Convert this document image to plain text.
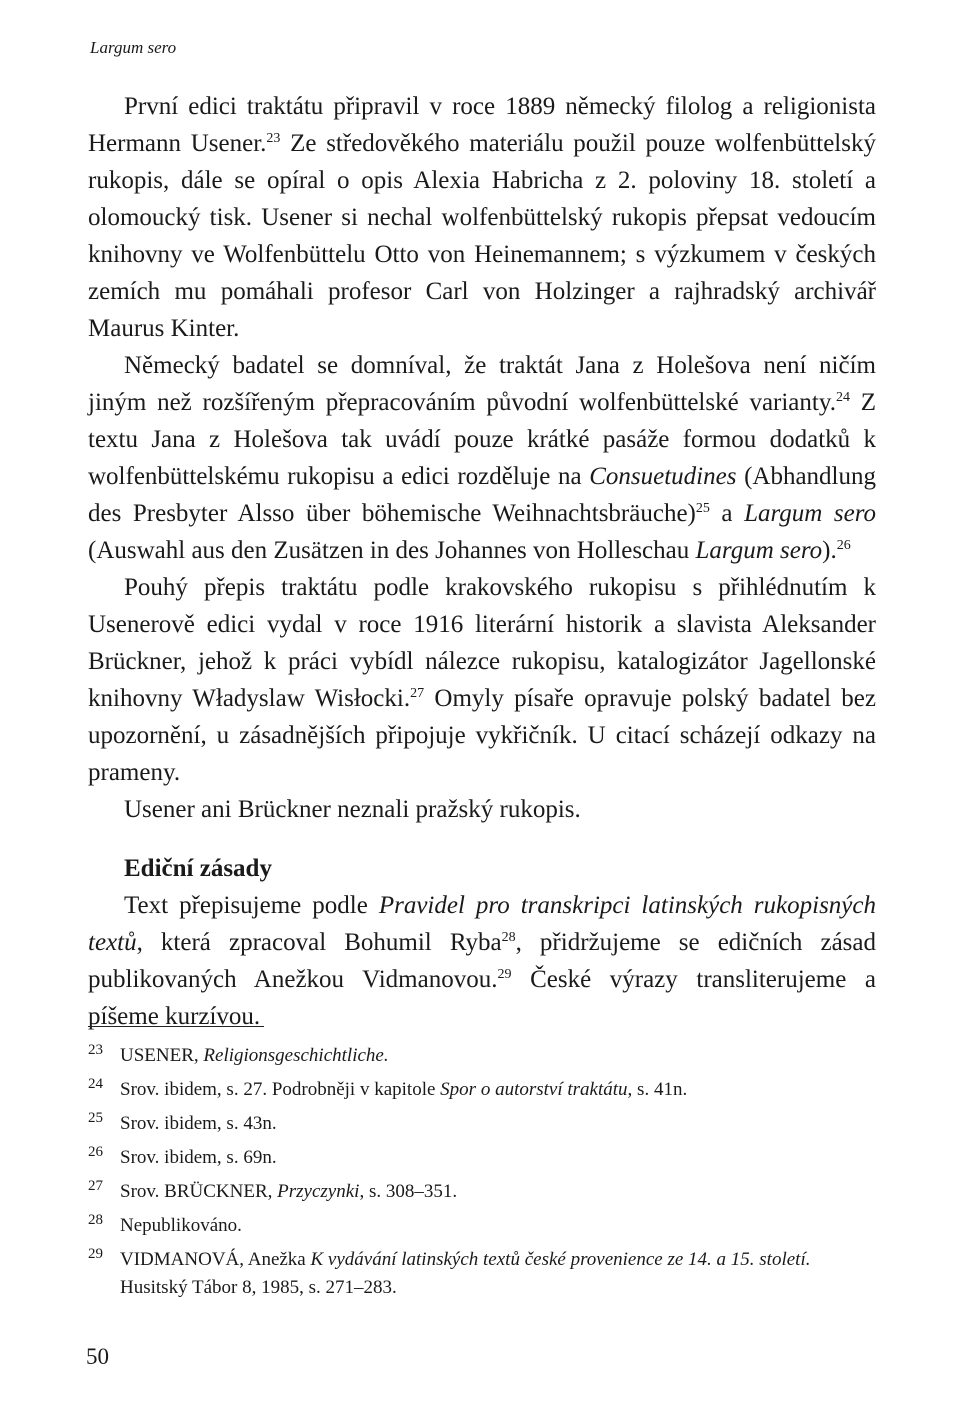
Largum sero

První edici traktátu připravil v roce 1889 německý filolog a religionista Hermann Usener.$^{23}$ Ze středověkého materiálu použil pouze wolfenbüttelský rukopis, dále se opíral o opis Alexia Habricha z 2. poloviny 18. století a olomoucký tisk. Usener si nechal wolfenbüttelský rukopis přepsat vedoucím knihovny ve Wolfenbüttelu Otto von Heinemannem; s výzkumem v českých zemích mu pomáhali profesor Carl von Holzinger a rajhradský archivář Maurus Kinter.

Německý badatel se domníval, že traktát Jana z Holešova není ničím jiným než rozšířeným přepracováním původní wolfenbüttelské varianty.$^{24}$ Z textu Jana z Holešova tak uvádí pouze krátké pasáže formou dodatků k wolfenbüttelskému rukopisu a edici rozděluje na Consuetudines (Abhandlung des Presbyter Alsso über böhemische Weihnachtsbräuche)$^{25}$ a Largum sero (Auswahl aus den Zusätzen in des Johannes von Holleschau Largum sero).$^{26}$

Pouhý přepis traktátu podle krakovského rukopisu s přihlédnutím k Usenerově edici vydal v roce 1916 literární historik a slavista Aleksander Brückner, jehož k práci vybídl nálezce rukopisu, katalogizátor Jagellonské knihovny Władyslaw Wisłocki.$^{27}$ Omyly písaře opravuje polský badatel bez upozornění, u zásadnějších připojuje vykřičník. U citací scházejí odkazy na prameny.

Usener ani Brückner neznali pražský rukopis.

Ediční zásady

Text přepisujeme podle Pravidel pro transkripci latinských rukopisných textů, která zpracoval Bohumil Ryba$^{28}$, přidržujeme se edičních zásad publikovaných Anežkou Vidmanovou.$^{29}$ České výrazy transliterujeme a píšeme kurzívou.

23 USENER, Religionsgeschichtliche.
24 Srov. ibidem, s. 27. Podrobněji v kapitole Spor o autorství traktátu, s. 41n.
25 Srov. ibidem, s. 43n.
26 Srov. ibidem, s. 69n.
27 Srov. BRÜCKNER, Przyczynki, s. 308–351.
28 Nepublikováno.
29 VIDMANOVÁ, Anežka K vydávání latinských textů české provenience ze 14. a 15. století. Husitský Tábor 8, 1985, s. 271–283.
50
